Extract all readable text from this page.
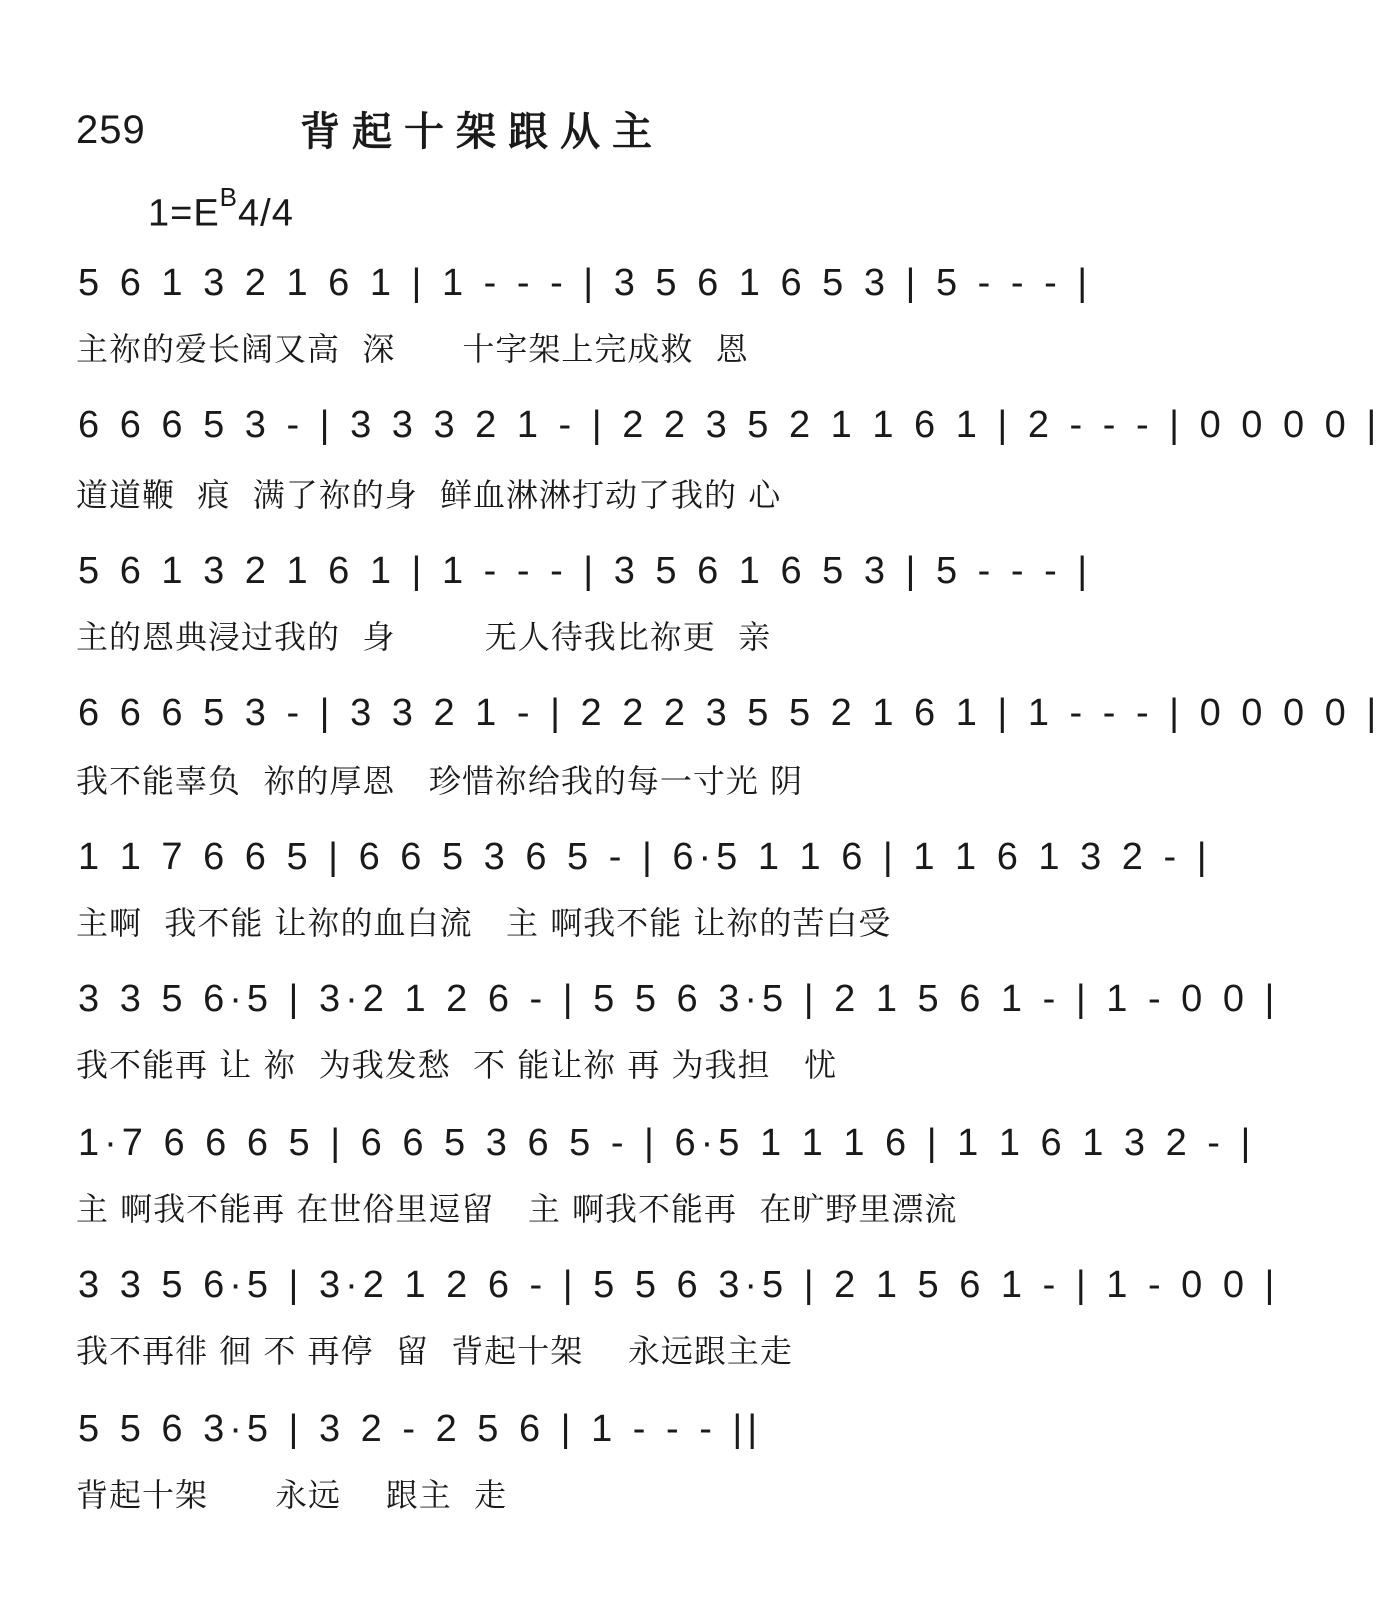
259	背起十架跟从主
$1=E^B4/4$
5 6 1 3 2 1 6 1 | 1 - - - | 3 5 6 1 6 5 3 | 5 - - - |
主祢的爱长阔又高  深      十字架上完成救  恩
6 6 6 5 3 - | 3 3 3 2 1 - | 2 2 3 5 2 1 1 6 1 | 2 - - - | 0 0 0 0 |
道道鞭  痕  满了祢的身  鲜血淋淋打动了我的 心
5 6 1 3 2 1 6 1 | 1 - - - | 3 5 6 1 6 5 3 | 5 - - - |
主的恩典浸过我的  身        无人待我比祢更  亲
6 6 6 5 3 - | 3 3 2 1 - | 2 2 2 3 5 5 2 1 6 1 | 1 - - - | 0 0 0 0 |
我不能辜负  祢的厚恩   珍惜祢给我的每一寸光 阴
1 1 7 6 6 5 | 6 6 5 3 6 5 - | 6·5 1 1 6 | 1 1 6 1 3 2 - |
主啊  我不能 让祢的血白流   主 啊我不能 让祢的苦白受
3 3 5 6·5 | 3·2 1 2 6 - | 5 5 6 3·5 | 2 1 5 6 1 - | 1 - 0 0 |
我不能再 让 祢  为我发愁  不 能让祢 再 为我担   忧
1·7 6 6 6 5 | 6 6 5 3 6 5 - | 6·5 1 1 1 6 | 1 1 6 1 3 2 - |
主 啊我不能再 在世俗里逗留   主 啊我不能再  在旷野里漂流
3 3 5 6·5 | 3·2 1 2 6 - | 5 5 6 3·5 | 2 1 5 6 1 - | 1 - 0 0 |
我不再徘 徊 不 再停  留  背起十架    永远跟主走
5 5 6 3·5 | 3 2 - 2 5 6 | 1 - - - ||
背起十架      永远    跟主  走
